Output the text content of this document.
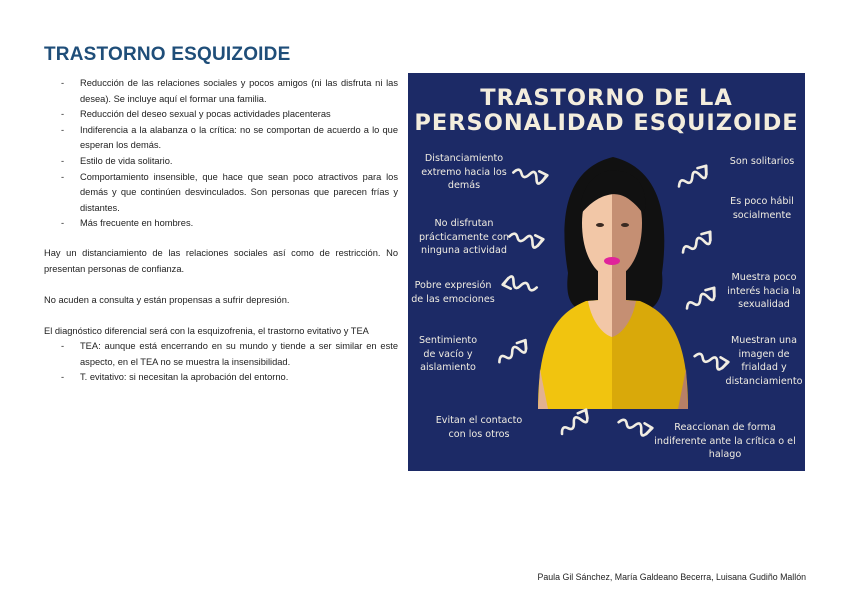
TRASTORNO ESQUIZOIDE
- Reducción de las relaciones sociales y pocos amigos (ni las disfruta ni las desea). Se incluye aquí el formar una familia.
- Reducción del deseo sexual y pocas actividades placenteras
- Indiferencia a la alabanza o la crítica: no se comportan de acuerdo a lo que esperan los demás.
- Estilo de vida solitario.
- Comportamiento insensible, que hace que sean poco atractivos para los demás y que continúen desvinculados. Son personas que parecen frías y distantes.
- Más frecuente en hombres.

Hay un distanciamiento de las relaciones sociales así como de restricción. No presentan personas de confianza.

No acuden a consulta y están propensas a sufrir depresión.

El diagnóstico diferencial será con la esquizofrenia, el trastorno evitativo y TEA

- TEA: aunque está encerrando en su mundo y tiende a ser similar en este aspecto, en el TEA no se muestra la insensibilidad.
- T. evitativo: si necesitan la aprobación del entorno.
TRASTORNO DE LA
PERSONALIDAD ESQUIZOIDE
Distanciamiento extremo hacia los demás
No disfrutan prácticamente con ninguna actividad
Pobre expresión de las emociones
Sentimiento de vacío y aislamiento
Evitan el contacto con los otros
Son solitarios
Es poco hábil socialmente
Muestra poco interés hacia la sexualidad
Muestran una imagen de frialdad y distanciamiento
Reaccionan de forma indiferente ante la crítica o el halago
Paula Gil Sánchez, María Galdeano Becerra, Luisana Gudiño Mallón
